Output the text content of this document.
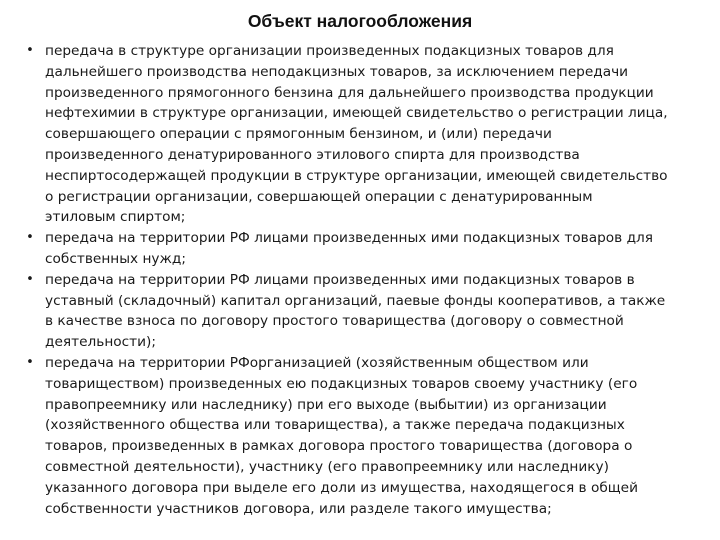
Объект налогообложения
• передача в структуре организации произведенных подакцизных товаров для
дальнейшего производства неподакцизных товаров, за исключением передачи
произведенного прямогонного бензина для дальнейшего производства продукции
нефтехимии в структуре организации, имеющей свидетельство о регистрации лица,
совершающего операции с прямогонным бензином, и (или) передачи
произведенного денатурированного этилового спирта для производства
неспиртосодержащей продукции в структуре организации, имеющей свидетельство
о регистрации организации, совершающей операции с денатурированным
этиловым спиртом;
• передача на территории РФ лицами произведенных ими подакцизных товаров для
собственных нужд;
• передача на территории РФ лицами произведенных ими подакцизных товаров в
уставный (складочный) капитал организаций, паевые фонды кооперативов, а также
в качестве взноса по договору простого товарищества (договору о совместной
деятельности);
• передача на территории РФорганизацией (хозяйственным обществом или
товариществом) произведенных ею подакцизных товаров своему участнику (его
правопреемнику или наследнику) при его выходе (выбытии) из организации
(хозяйственного общества или товарищества), а также передача подакцизных
товаров, произведенных в рамках договора простого товарищества (договора о
совместной деятельности), участнику (его правопреемнику или наследнику)
указанного договора при выделе его доли из имущества, находящегося в общей
собственности участников договора, или разделе такого имущества;
